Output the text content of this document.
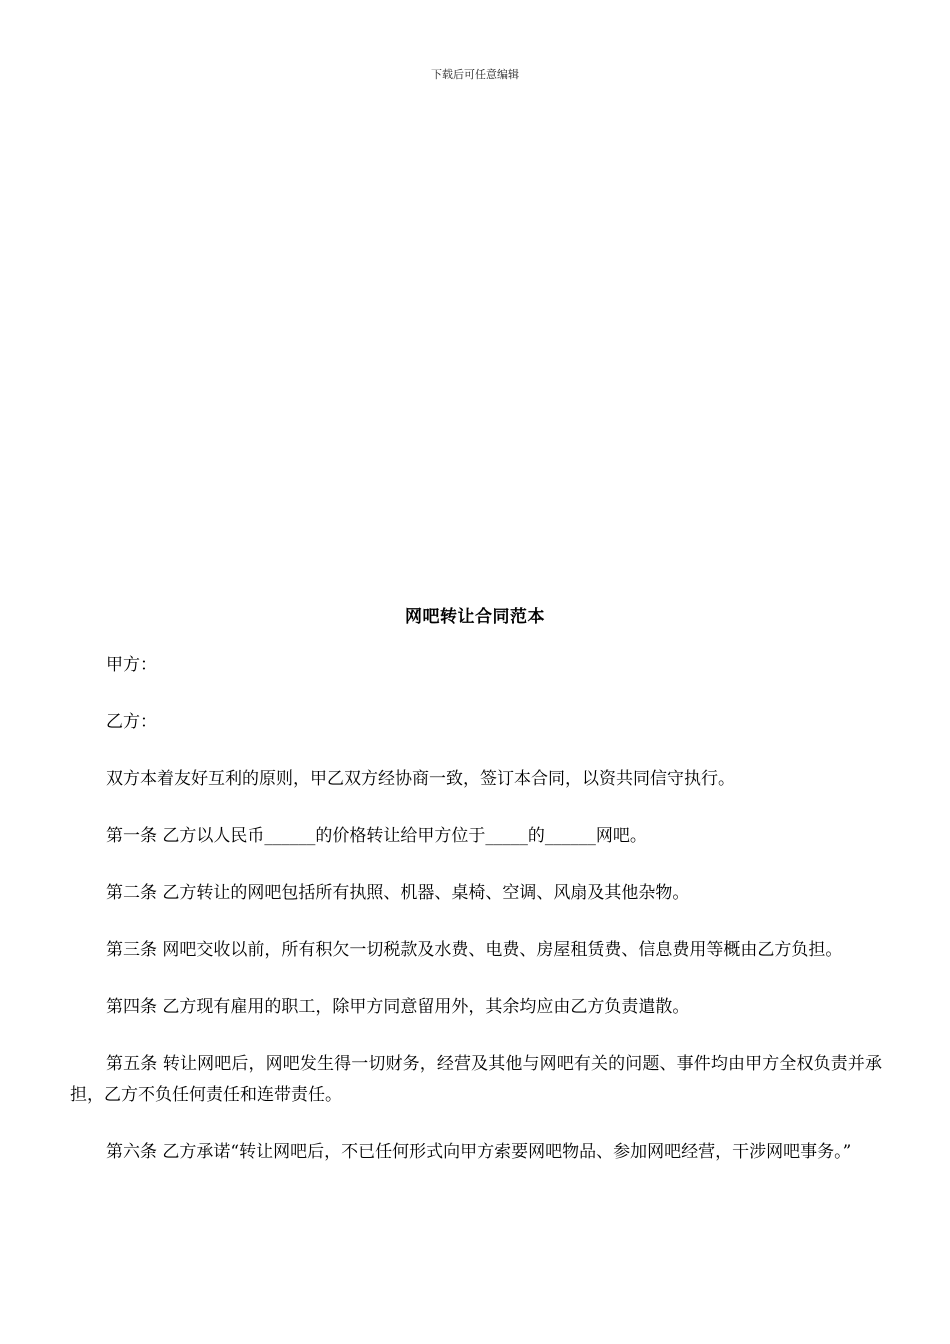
下载后可任意编辑
网吧转让合同范本

甲方：

乙方：

双方本着友好互利的原则，甲乙双方经协商一致，签订本合同，以资共同信守执行。

第一条 乙方以人民币______的价格转让给甲方位于_____的______网吧。

第二条 乙方转让的网吧包括所有执照、机器、桌椅、空调、风扇及其他杂物。

第三条 网吧交收以前，所有积欠一切税款及水费、电费、房屋租赁费、信息费用等概由乙方负担。

第四条 乙方现有雇用的职工，除甲方同意留用外，其余均应由乙方负责遣散。

第五条 转让网吧后，网吧发生得一切财务，经营及其他与网吧有关的问题、事件均由甲方全权负责并承担，乙方不负任何责任和连带责任。

第六条 乙方承诺“转让网吧后，不已任何形式向甲方索要网吧物品、参加网吧经营，干涉网吧事务。”
